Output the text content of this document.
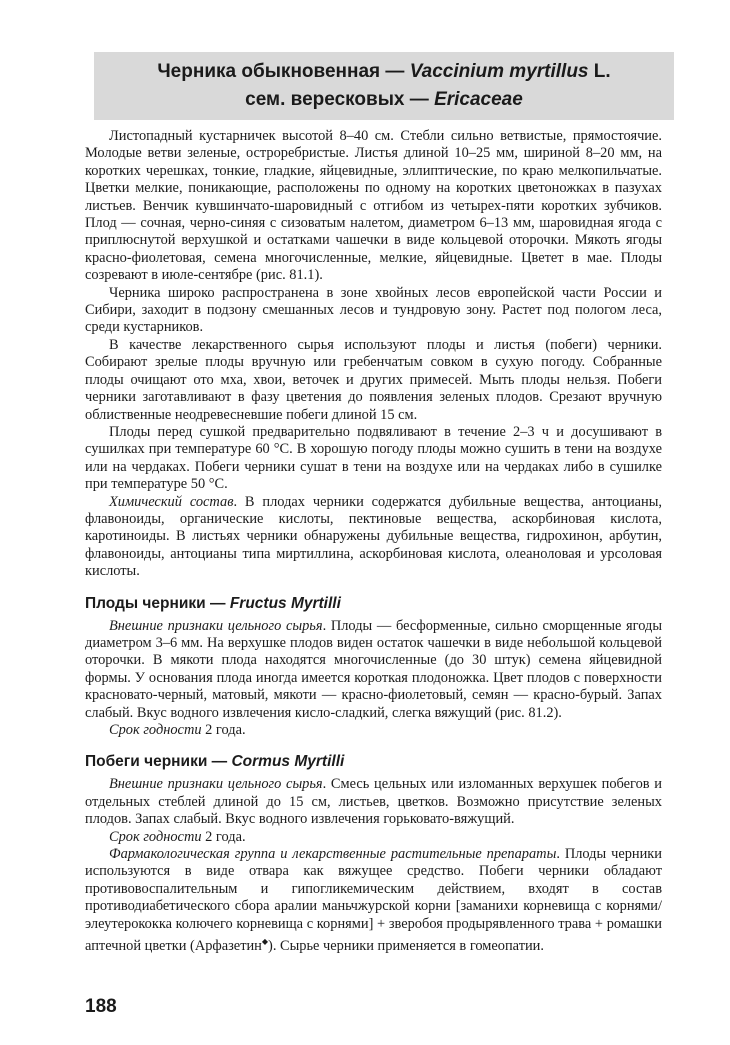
Черника обыкновенная — Vaccinium myrtillus L.
сем. вересковых — Ericaceae

Листопадный кустарничек высотой 8–40 см. Стебли сильно ветвистые, прямостоячие. Молодые ветви зеленые, остроребристые. Листья длиной 10–25 мм, шириной 8–20 мм, на коротких черешках, тонкие, гладкие, яйцевидные, эллиптические, по краю мелкопильчатые. Цветки мелкие, поникающие, расположены по одному на коротких цветоножках в пазухах листьев. Венчик кувшинчато-шаровидный с отгибом из четырех-пяти коротких зубчиков. Плод — сочная, черно-синяя с сизоватым налетом, диаметром 6–13 мм, шаровидная ягода с приплюснутой верхушкой и остатками чашечки в виде кольцевой оторочки. Мякоть ягоды красно-фиолетовая, семена многочисленные, мелкие, яйцевидные. Цветет в мае. Плоды созревают в июле-сентябре (рис. 81.1).

Черника широко распространена в зоне хвойных лесов европейской части России и Сибири, заходит в подзону смешанных лесов и тундровую зону. Растет под пологом леса, среди кустарников.

В качестве лекарственного сырья используют плоды и листья (побеги) черники. Собирают зрелые плоды вручную или гребенчатым совком в сухую погоду. Собранные плоды очищают ото мха, хвои, веточек и других примесей. Мыть плоды нельзя. Побеги черники заготавливают в фазу цветения до появления зеленых плодов. Срезают вручную облиственные неодревесневшие побеги длиной 15 см.

Плоды перед сушкой предварительно подвяливают в течение 2–3 ч и досушивают в сушилках при температуре 60 °C. В хорошую погоду плоды можно сушить в тени на воздухе или на чердаках. Побеги черники сушат в тени на воздухе или на чердаках либо в сушилке при температуре 50 °C.

Химический состав. В плодах черники содержатся дубильные вещества, антоцианы, флавоноиды, органические кислоты, пектиновые вещества, аскорбиновая кислота, каротиноиды. В листьях черники обнаружены дубильные вещества, гидрохинон, арбутин, флавоноиды, антоцианы типа миртиллина, аскорбиновая кислота, олеаноловая и урсоловая кислоты.

Плоды черники — Fructus Myrtilli

Внешние признаки цельного сырья. Плоды — бесформенные, сильно сморщенные ягоды диаметром 3–6 мм. На верхушке плодов виден остаток чашечки в виде небольшой кольцевой оторочки. В мякоти плода находятся многочисленные (до 30 штук) семена яйцевидной формы. У основания плода иногда имеется короткая плодоножка. Цвет плодов с поверхности красновато-черный, матовый, мякоти — красно-фиолетовый, семян — красно-бурый. Запах слабый. Вкус водного извлечения кисло-сладкий, слегка вяжущий (рис. 81.2).

Срок годности 2 года.

Побеги черники — Cormus Myrtilli

Внешние признаки цельного сырья. Смесь цельных или изломанных верхушек побегов и отдельных стеблей длиной до 15 см, листьев, цветков. Возможно присутствие зеленых плодов. Запах слабый. Вкус водного извлечения горьковато-вяжущий.

Срок годности 2 года.

Фармакологическая группа и лекарственные растительные препараты. Плоды черники используются в виде отвара как вяжущее средство. Побеги черники обладают противовоспалительным и гипогликемическим действием, входят в состав противодиабетического сбора аралии маньчжурской корни [заманихи корневища с корнями/элеутерококка колючего корневища с корнями] + зверобоя продырявленного трава + ромашки аптечной цветки (Арфазетин◆). Сырье черники применяется в гомеопатии.

188
